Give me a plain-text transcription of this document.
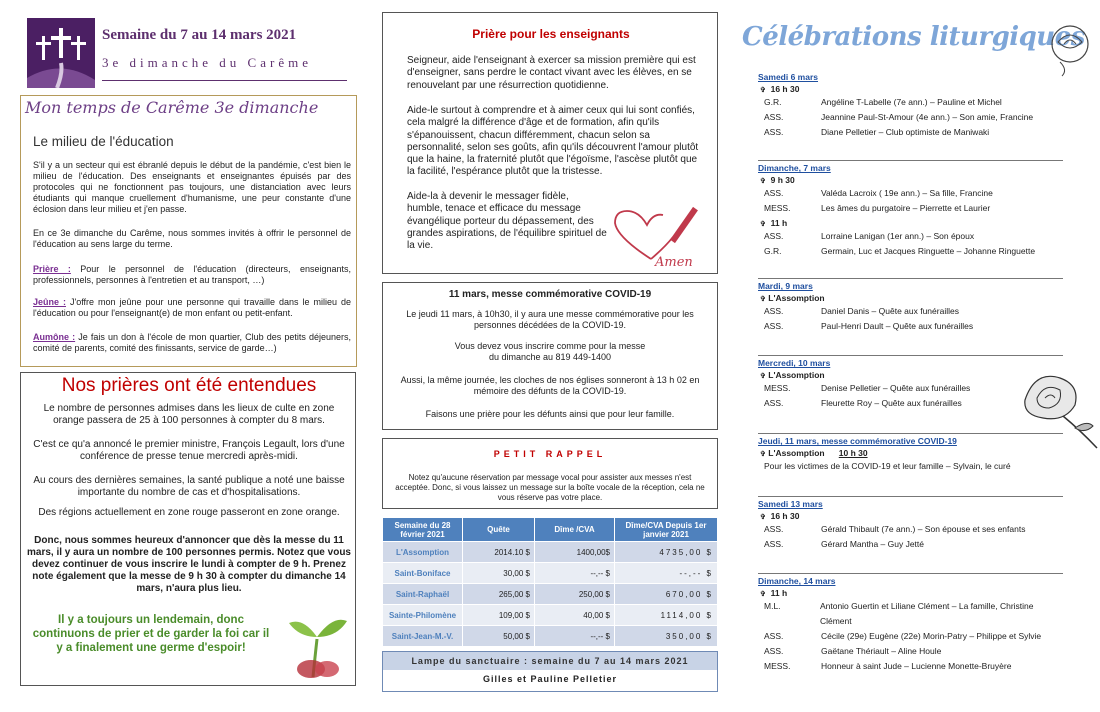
Semaine du 7 au 14 mars 2021
3e dimanche du Carême
Mon temps de Carême 3e dimanche
Le milieu de l'éducation
S'il y a un secteur qui est ébranlé depuis le début de la pandémie, c'est bien le milieu de l'éducation. Des enseignants et enseignantes épuisés par des protocoles qui ne fonctionnent pas toujours, une distanciation avec leurs étudiants qui manque cruellement d'humanisme, une peur constante d'une éclosion dans leur milieu et j'en passe.
En ce 3e dimanche du Carême, nous sommes invités à offrir le personnel de l'éducation au sens large du terme.
Prière : Pour le personnel de l'éducation (directeurs, enseignants, professionnels, personnes à l'entretien et au transport, …)
Jeûne : J'offre mon jeûne pour une personne qui travaille dans le milieu de l'éducation ou pour l'enseignant(e) de mon enfant ou petit-enfant.
Aumône : Je fais un don à l'école de mon quartier, Club des petits déjeuners, comité de parents, comité des finissants, service de garde…)
Nos prières ont été entendues
Le nombre de personnes admises dans les lieux de culte en zone orange passera de 25 à 100 personnes à compter du 8 mars.
C'est ce qu'a annoncé le premier ministre, François Legault, lors d'une conférence de presse tenue mercredi après-midi.
Au cours des dernières semaines, la santé publique a noté une baisse importante du nombre de cas et d'hospitalisations.
Des régions actuellement en zone rouge passeront en zone orange.
Donc, nous sommes heureux d'annoncer que dès la messe du 11 mars, il y aura un nombre de 100 personnes permis. Notez que vous devez continuer de vous inscrire le lundi à compter de 9 h. Prenez note également que la messe de 9 h 30 à compter du dimanche 14 mars, n'aura plus lieu.
Il y a toujours un lendemain, donc continuons de prier et de garder la foi car il y a finalement une germe d'espoir!
Prière pour les enseignants
Seigneur, aide l'enseignant à exercer sa mission première qui est d'enseigner, sans perdre le contact vivant avec les élèves, en se renouvelant par une résurrection quotidienne.
Aide-le surtout à comprendre et à aimer ceux qui lui sont confiés, cela malgré la différence d'âge et de formation, afin qu'ils s'épanouissent, chacun différemment, chacun selon sa personnalité, selon ses goûts, afin qu'ils découvrent l'amour plutôt que la haine, la fraternité plutôt que l'égoïsme, l'ascèse plutôt que la facilité, l'espérance plutôt que la tristesse.
Aide-la à devenir le messager fidèle, humble, tenace et efficace du message évangélique porteur du dépassement, des grandes aspirations, de l'équilibre spirituel de la vie.
Amen
11 mars, messe commémorative COVID-19
Le jeudi 11 mars, à 10h30, il y aura une messe commémorative pour les personnes décédées de la COVID-19.
Vous devez vous inscrire comme pour la messe du dimanche au 819 449-1400
Aussi, la même journée, les cloches de nos églises sonneront à 13 h 02 en mémoire des défunts de la COVID-19.
Faisons une prière pour les défunts ainsi que pour leur famille.
PETIT RAPPEL
Notez qu'aucune réservation par message vocal pour assister aux messes n'est acceptée. Donc, si vous laissez un message sur la boîte vocale de la réception, cela ne vous réserve pas votre place.
Semaine du 28 février 2021	Quête	Dîme /CVA	Dîme/CVA Depuis 1er janvier 2021
L'Assomption	2014.10 $	1400,00$	4735,00 $
Saint-Boniface	30,00 $	--,-- $	--,-- $
Saint-Raphaël	265,00 $	250,00 $	670,00 $
Sainte-Philomène	109,00 $	40,00 $	1114,00 $
Saint-Jean-M.-V.	50,00 $	--,-- $	350,00 $
Lampe du sanctuaire : semaine du 7 au 14 mars 2021
Gilles et Pauline Pelletier
Célébrations liturgiques
Samedi 6 mars
✞ 16 h 30
G.R.	Angéline T-Labelle (7e ann.) – Pauline et Michel
ASS.	Jeannine Paul-St-Amour (4e ann.) – Son amie, Francine
ASS.	Diane Pelletier – Club optimiste de Maniwaki
Dimanche, 7 mars
✞ 9 h 30
ASS.	Valéda Lacroix ( 19e ann.) – Sa fille, Francine
MESS.	Les âmes du purgatoire – Pierrette et Laurier
✞ 11 h
ASS.	Lorraine Lanigan (1er ann.) – Son époux
G.R.	Germain, Luc et Jacques Ringuette – Johanne Ringuette
Mardi, 9 mars
✞ L'Assomption
ASS.	Daniel Danis – Quête aux funérailles
ASS.	Paul-Henri Dault – Quête aux funérailles
Mercredi, 10 mars
✞ L'Assomption
MESS.	Denise Pelletier – Quête aux funérailles
ASS.	Fleurette Roy – Quête aux funérailles
Jeudi, 11 mars, messe commémorative COVID-19
✞ L'Assomption 10 h 30
Pour les victimes de la COVID-19 et leur famille – Sylvain, le curé
Samedi 13 mars
✞ 16 h 30
ASS.	Gérald Thibault (7e ann.) – Son épouse et ses enfants
ASS.	Gérard Mantha – Guy Jetté
Dimanche, 14 mars
✞ 11 h
M.L.	Antonio Guertin et Liliane Clément – La famille, Christine Clément
ASS.	Cécile (29e) Eugène (22e) Morin-Patry – Philippe et Sylvie
ASS.	Gaëtane Thériault – Aline Houle
MESS.	Honneur à saint Jude – Lucienne Monette-Bruyère
